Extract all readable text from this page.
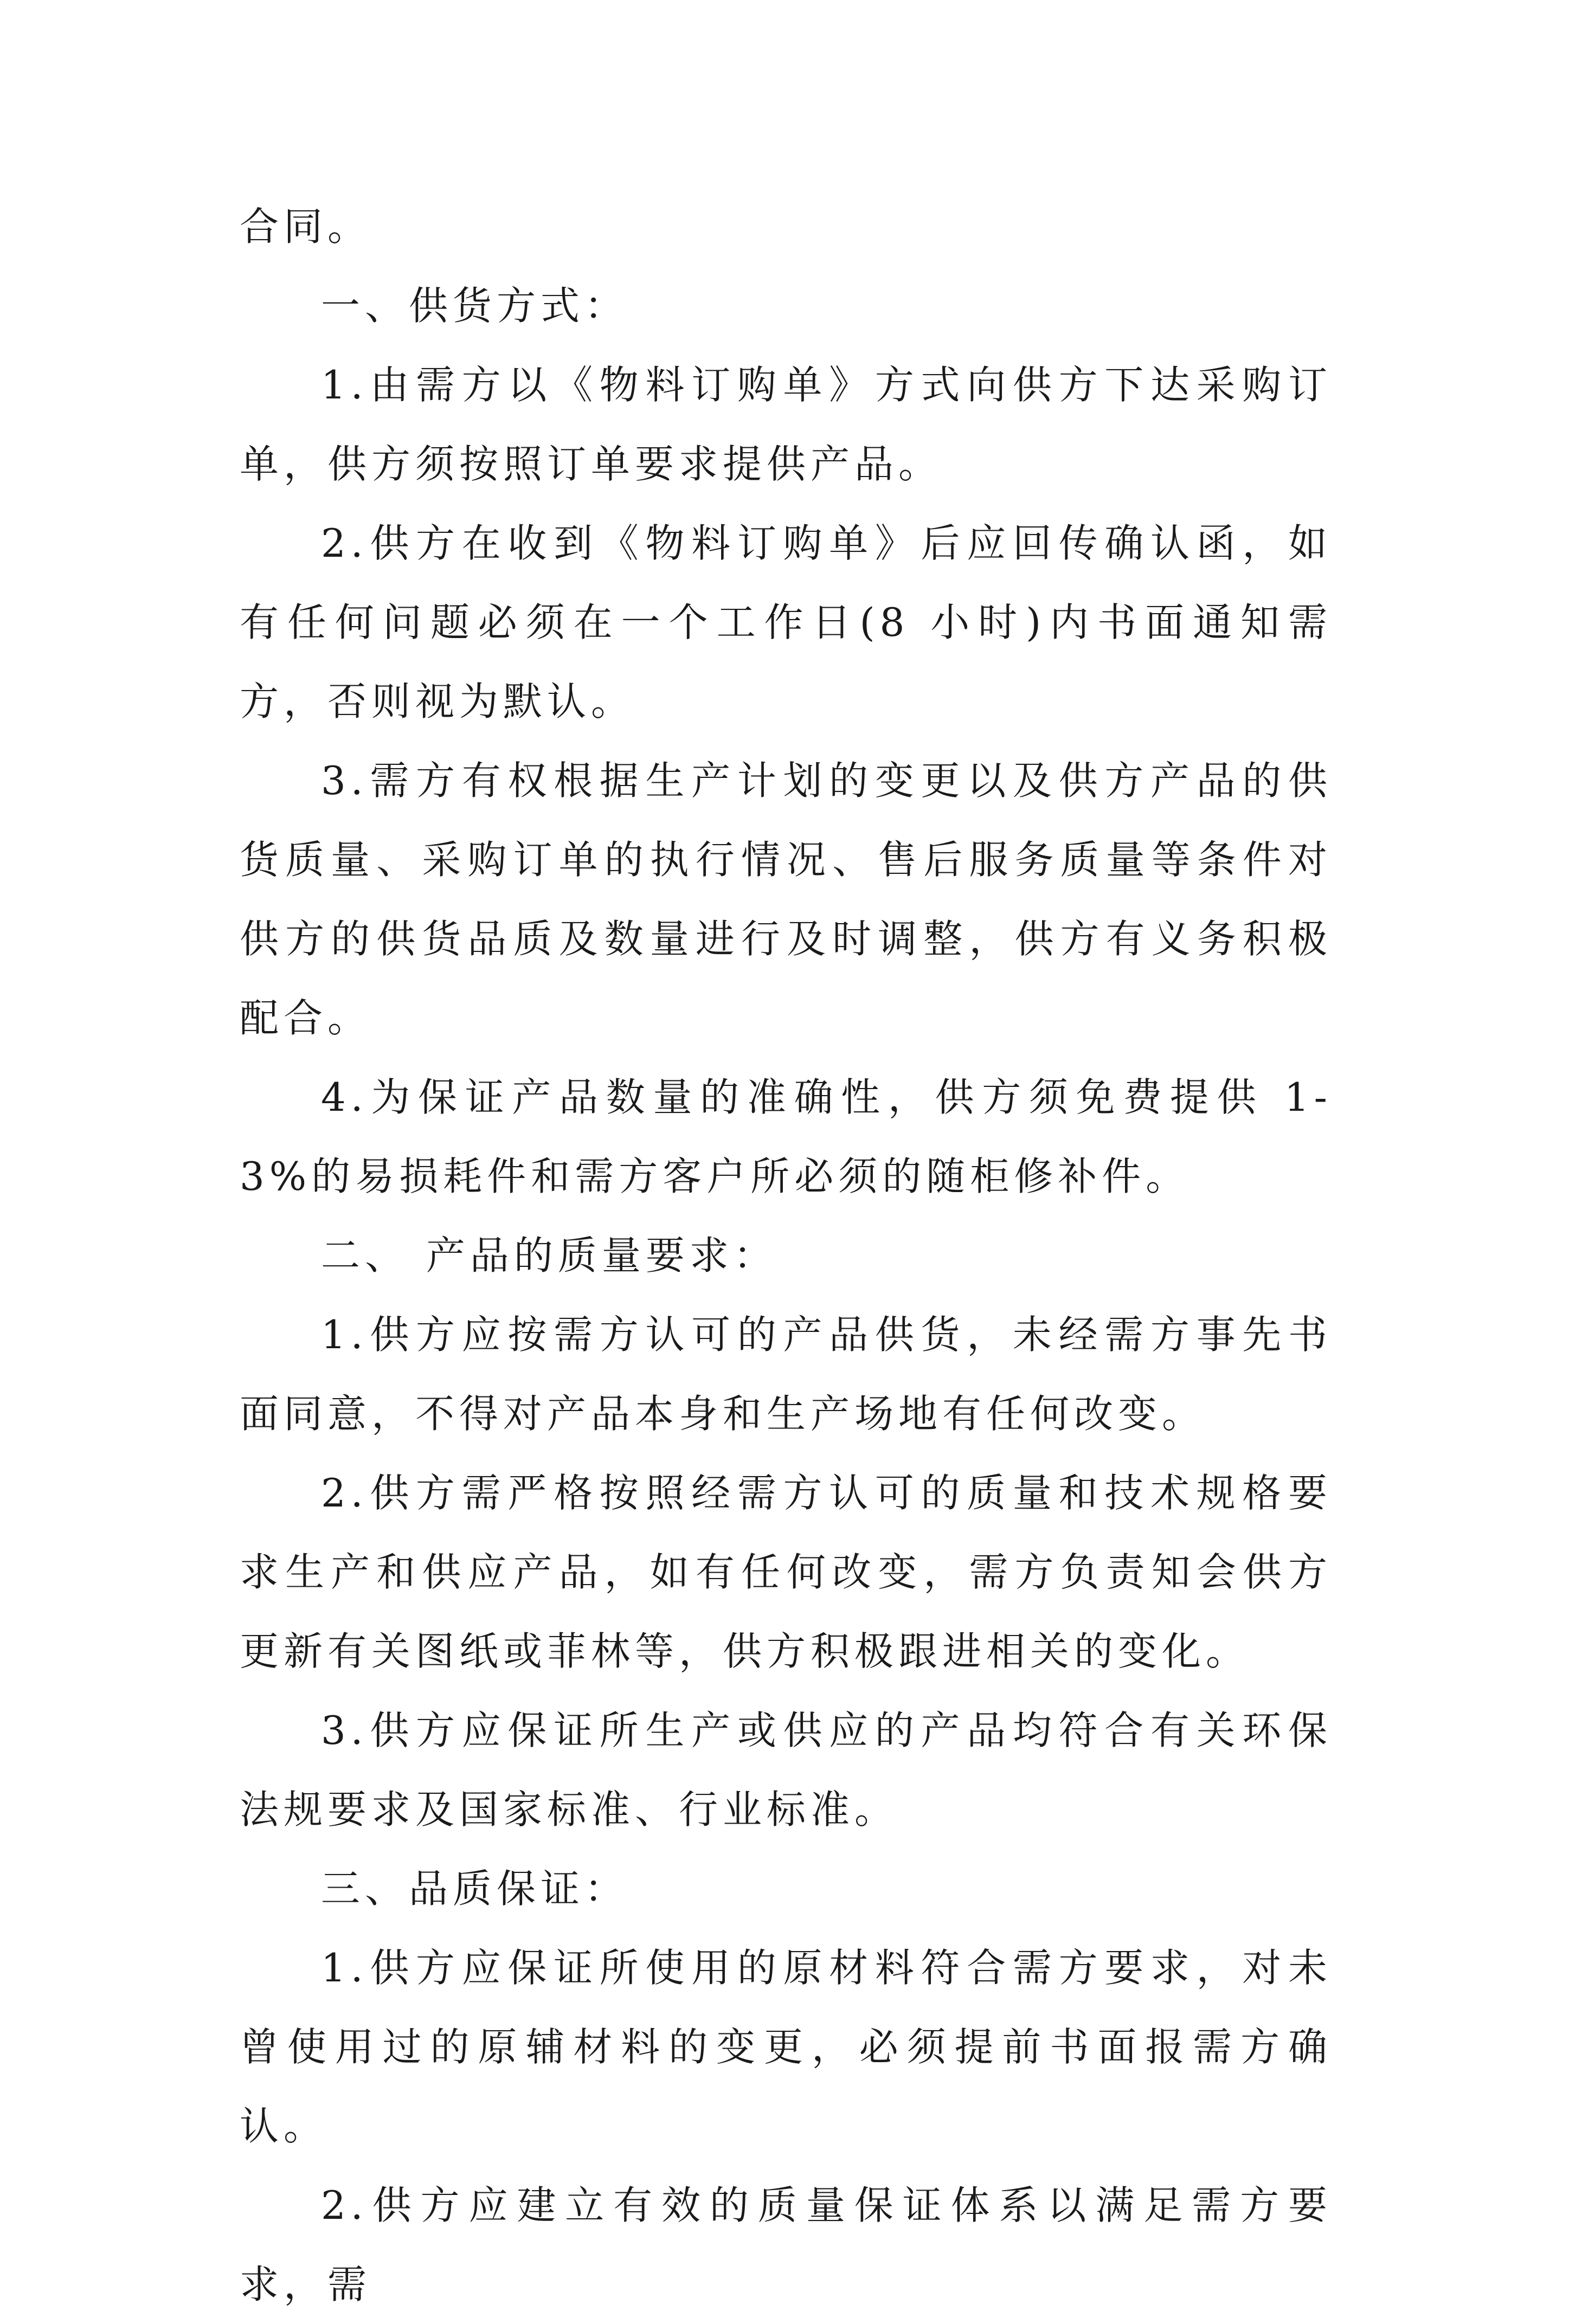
合同。

一、供货方式：

1.由需方以《物料订购单》方式向供方下达采购订单，供方须按照订单要求提供产品。

2.供方在收到《物料订购单》后应回传确认函，如有任何问题必须在一个工作日(8 小时)内书面通知需方，否则视为默认。

3.需方有权根据生产计划的变更以及供方产品的供货质量、采购订单的执行情况、售后服务质量等条件对供方的供货品质及数量进行及时调整，供方有义务积极配合。

4.为保证产品数量的准确性，供方须免费提供 1-3%的易损耗件和需方客户所必须的随柜修补件。

二、 产品的质量要求：

1.供方应按需方认可的产品供货，未经需方事先书面同意，不得对产品本身和生产场地有任何改变。

2.供方需严格按照经需方认可的质量和技术规格要求生产和供应产品，如有任何改变，需方负责知会供方更新有关图纸或菲林等，供方积极跟进相关的变化。

3.供方应保证所生产或供应的产品均符合有关环保法规要求及国家标准、行业标准。

三、品质保证：

1.供方应保证所使用的原材料符合需方要求，对未曾使用过的原辅材料的变更，必须提前书面报需方确认。

2.供方应建立有效的质量保证体系以满足需方要求，需
